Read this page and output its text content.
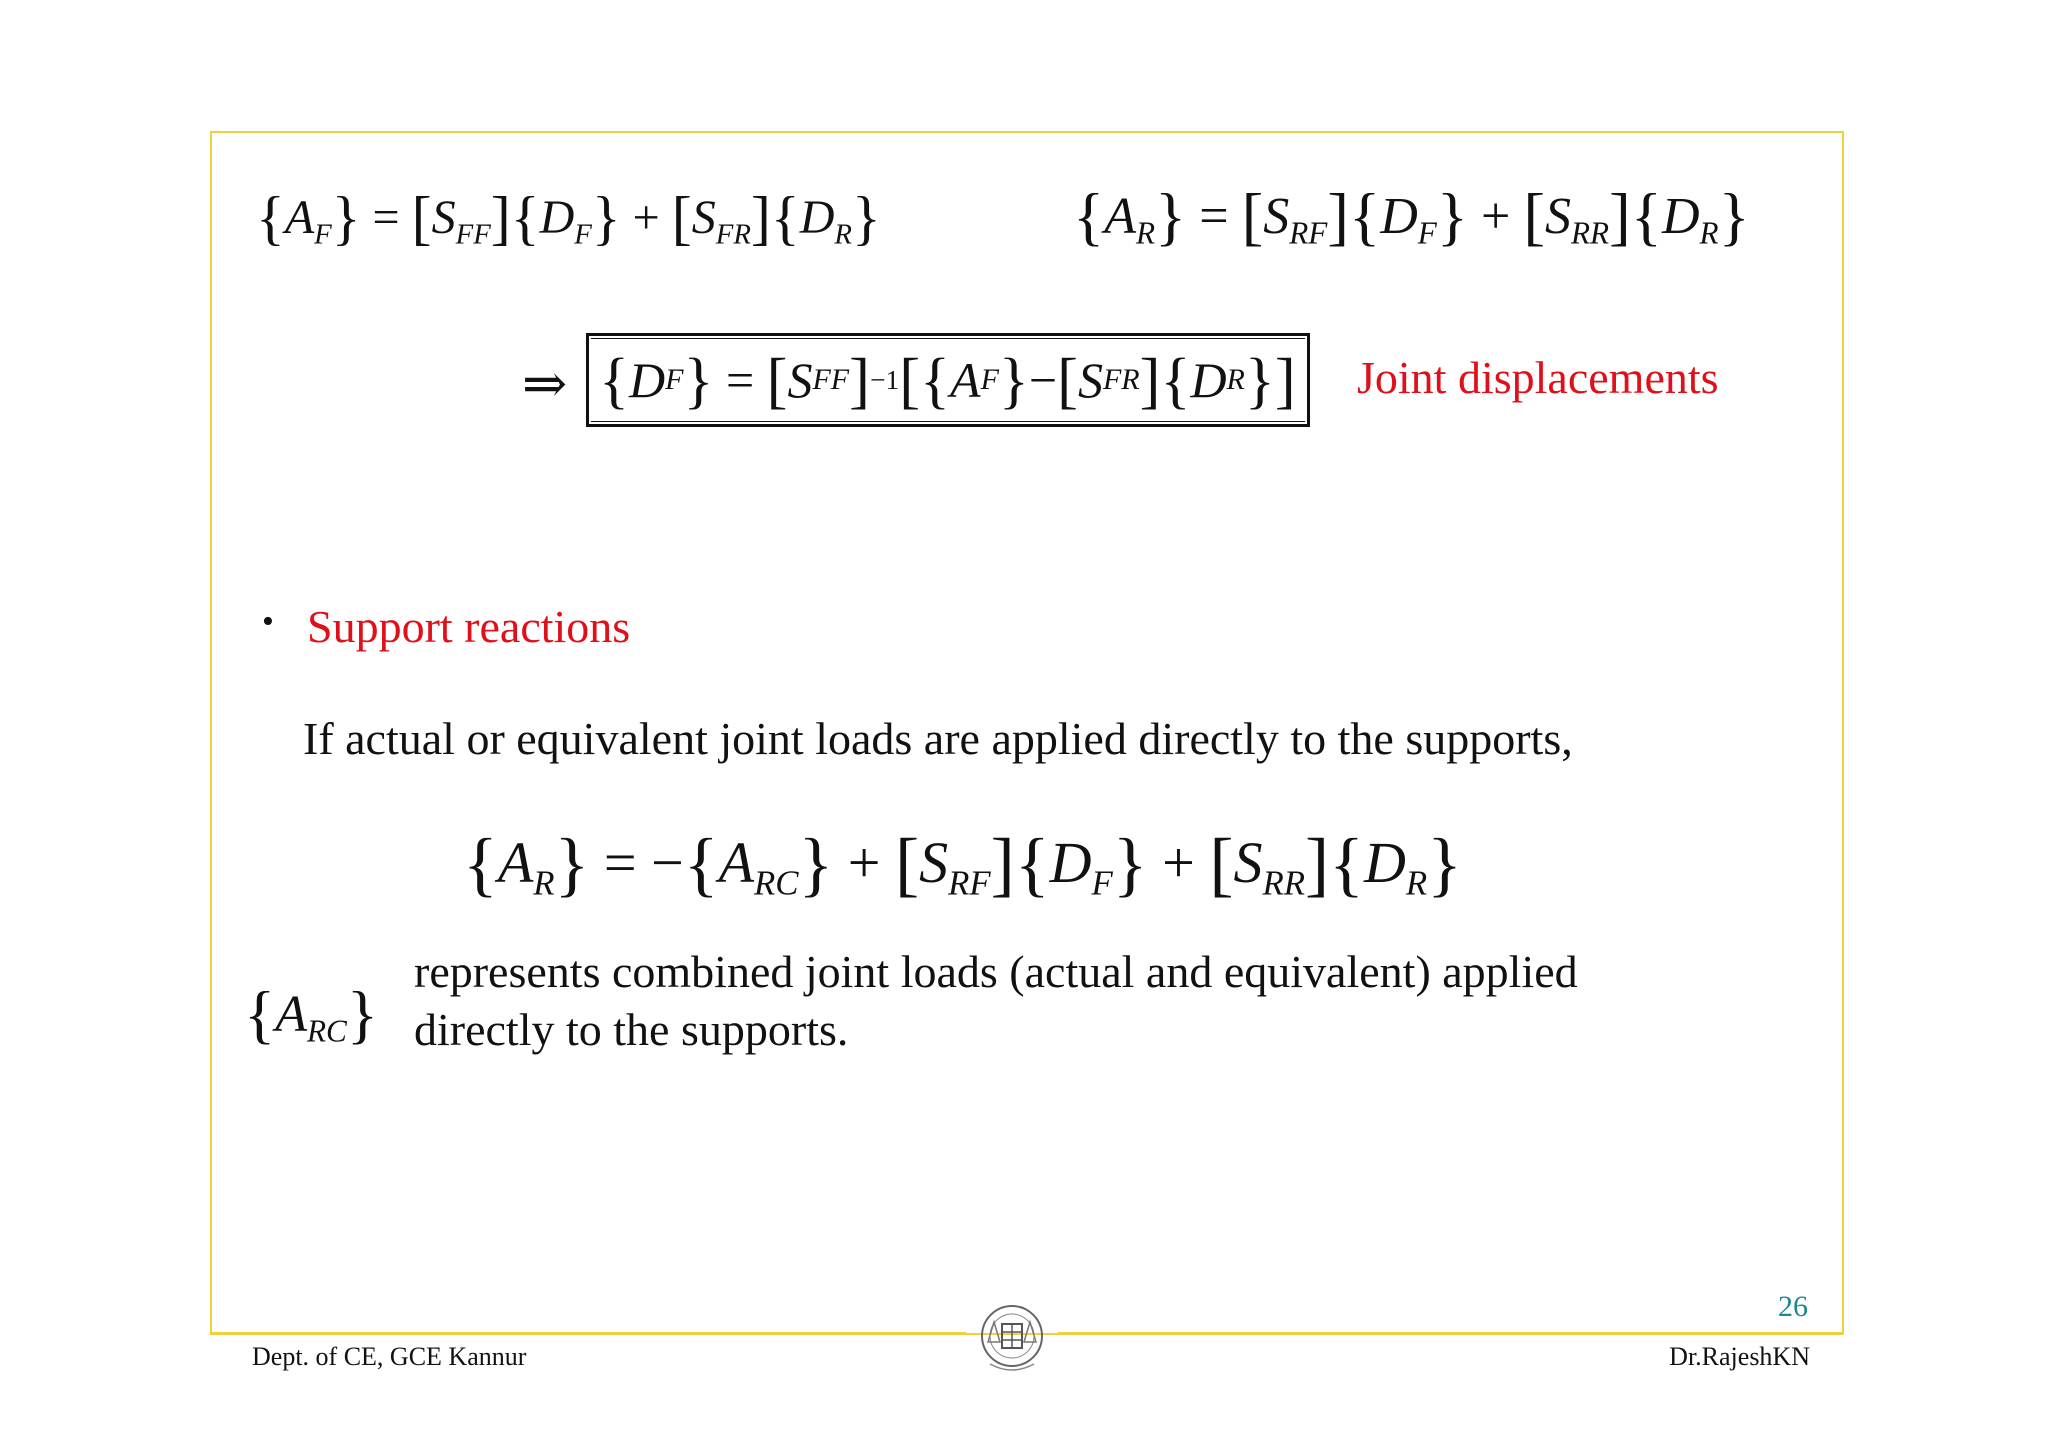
$\{A_F\} = [S_{FF}]\{D_F\} + [S_{FR}]\{D_R\}$	$\{A_R\} = [S_{RF}]\{D_F\} + [S_{RR}]\{D_R\}$
⇒ { D F } = [ S FF ] −1 [ { A F } − [ S FR ] { D R } ] Joint displacements
• Support reactions
If actual or equivalent joint loads are applied directly to the supports,
$\{A_R\} = -\{A_{RC}\} + [S_{RF}]\{D_F\} + [S_{RR}]\{D_R\}$
$\{A_{RC}\}$
represents combined joint loads (actual and equivalent) applied
directly to the supports.
26
Dept. of CE, GCE Kannur	Dr.RajeshKN
